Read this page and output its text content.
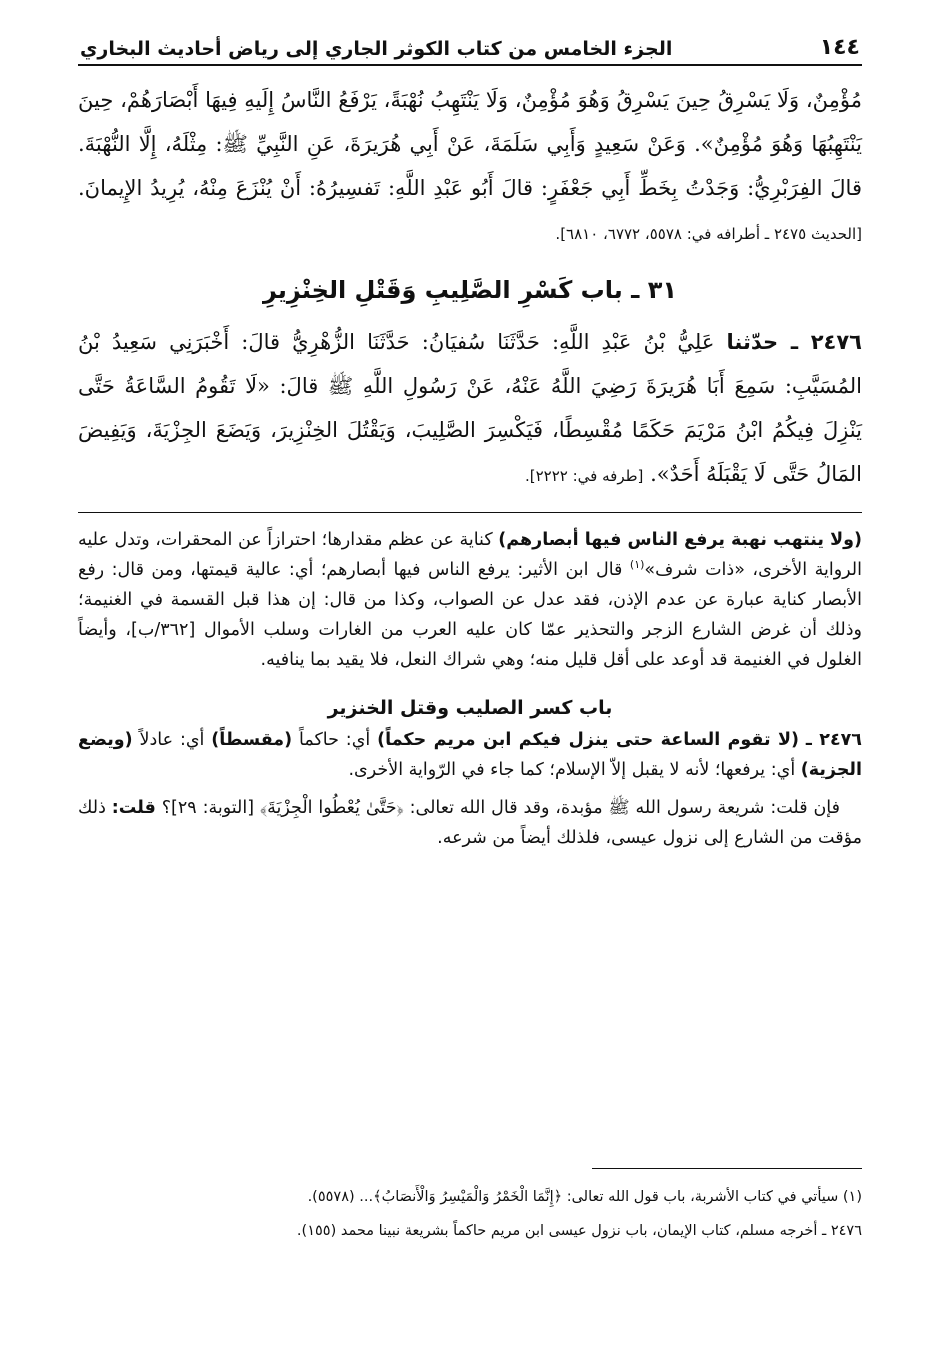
١٤٤
الجزء الخامس من كتاب الكوثر الجاري إلى رياض أحاديث البخاري
مُؤْمِنٌ، وَلَا يَسْرِقُ حِينَ يَسْرِقُ وَهُوَ مُؤْمِنٌ، وَلَا يَنْتَهِبُ نُهْبَةً، يَرْفَعُ النَّاسُ إِلَيهِ فِيهَا أَبْصَارَهُمْ، حِينَ يَنْتَهِبُهَا وَهُوَ مُؤْمِنٌ». وَعَنْ سَعِيدٍ وَأَبِي سَلَمَةَ، عَنْ أَبِي هُرَيرَةَ، عَنِ النَّبِيِّ ﷺ: مِثْلَهُ، إِلَّا النُّهْبَةَ. قالَ الفِرَبْرِيُّ: وَجَدْتُ بِخَطِّ أَبِي جَعْفَرٍ: قالَ أَبُو عَبْدِ اللَّهِ: تَفسِيرُهُ: أَنْ يُنْزَعَ مِنْهُ، يُرِيدُ الإِيمانَ. [الحديث ٢٤٧٥ ـ أطرافه في: ٥٥٧٨، ٦٧٧٢، ٦٨١٠].
٣١ ـ باب كَسْرِ الصَّلِيبِ وَقَتْلِ الخِنْزِيرِ
٢٤٧٦ ـ حدّثنا عَلِيُّ بْنُ عَبْدِ اللَّهِ: حَدَّثَنَا سُفيَانُ: حَدَّثَنَا الزُّهْرِيُّ قالَ: أَخْبَرَنِي سَعِيدُ بْنُ المُسَيَّبِ: سَمِعَ أَبَا هُرَيرَةَ رَضِيَ اللَّهُ عَنْهُ، عَنْ رَسُولِ اللَّهِ ﷺ قالَ: «لَا تَقُومُ السَّاعَةُ حَتَّى يَنْزِلَ فِيكُمُ ابْنُ مَرْيَمَ حَكَمًا مُقْسِطًا، فَيَكْسِرَ الصَّلِيبَ، وَيَقْتُلَ الخِنْزِيرَ، وَيَضَعَ الجِزْيَةَ، وَيَفِيضَ المَالُ حَتَّى لَا يَقْبَلَهُ أَحَدٌ». [طرفه في: ٢٢٢٢].
(ولا ينتهب نهبة يرفع الناس فيها أبصارهم) كناية عن عظم مقدارها؛ احترازاً عن المحقرات، وتدل عليه الرواية الأخرى، «ذات شرف»$^{(١)}$ قال ابن الأثير: يرفع الناس فيها أبصارهم؛ أي: عالية قيمتها، ومن قال: رفع الأبصار كناية عبارة عن عدم الإذن، فقد عدل عن الصواب، وكذا من قال: إن هذا قبل القسمة في الغنيمة؛ وذلك أن غرض الشارع الزجر والتحذير عمّا كان عليه العرب من الغارات وسلب الأموال [٣٦٢/ب]، وأيضاً الغلول في الغنيمة قد أوعد على أقل قليل منه؛ وهي شراك النعل، فلا يقيد بما ينافيه.
باب كسر الصليب وقتل الخنزير
٢٤٧٦ ـ (لا تقوم الساعة حتى ينزل فيكم ابن مريم حكماً) أي: حاكماً (مقسطاً) أي: عادلاً (ويضع الجزية) أي: يرفعها؛ لأنه لا يقبل إلاّ الإسلام؛ كما جاء في الرّواية الأخرى.
فإن قلت: شريعة رسول الله ﷺ مؤبدة، وقد قال الله تعالى: ﴿حَتَّىٰ يُعْطُوا الْجِزْيَةَ﴾ [التوبة: ٢٩]؟ قلت: ذلك مؤقت من الشارع إلى نزول عيسى، فلذلك أيضاً من شرعه.
(١) سيأتي في كتاب الأشربة، باب قول الله تعالى: ﴿إِنَّمَا الْخَمْرُ وَالْمَيْسِرُ وَالْأَنصَابُ﴾... (٥٥٧٨).
٢٤٧٦ ـ أخرجه مسلم، كتاب الإيمان، باب نزول عيسى ابن مريم حاكماً بشريعة نبينا محمد (١٥٥).
